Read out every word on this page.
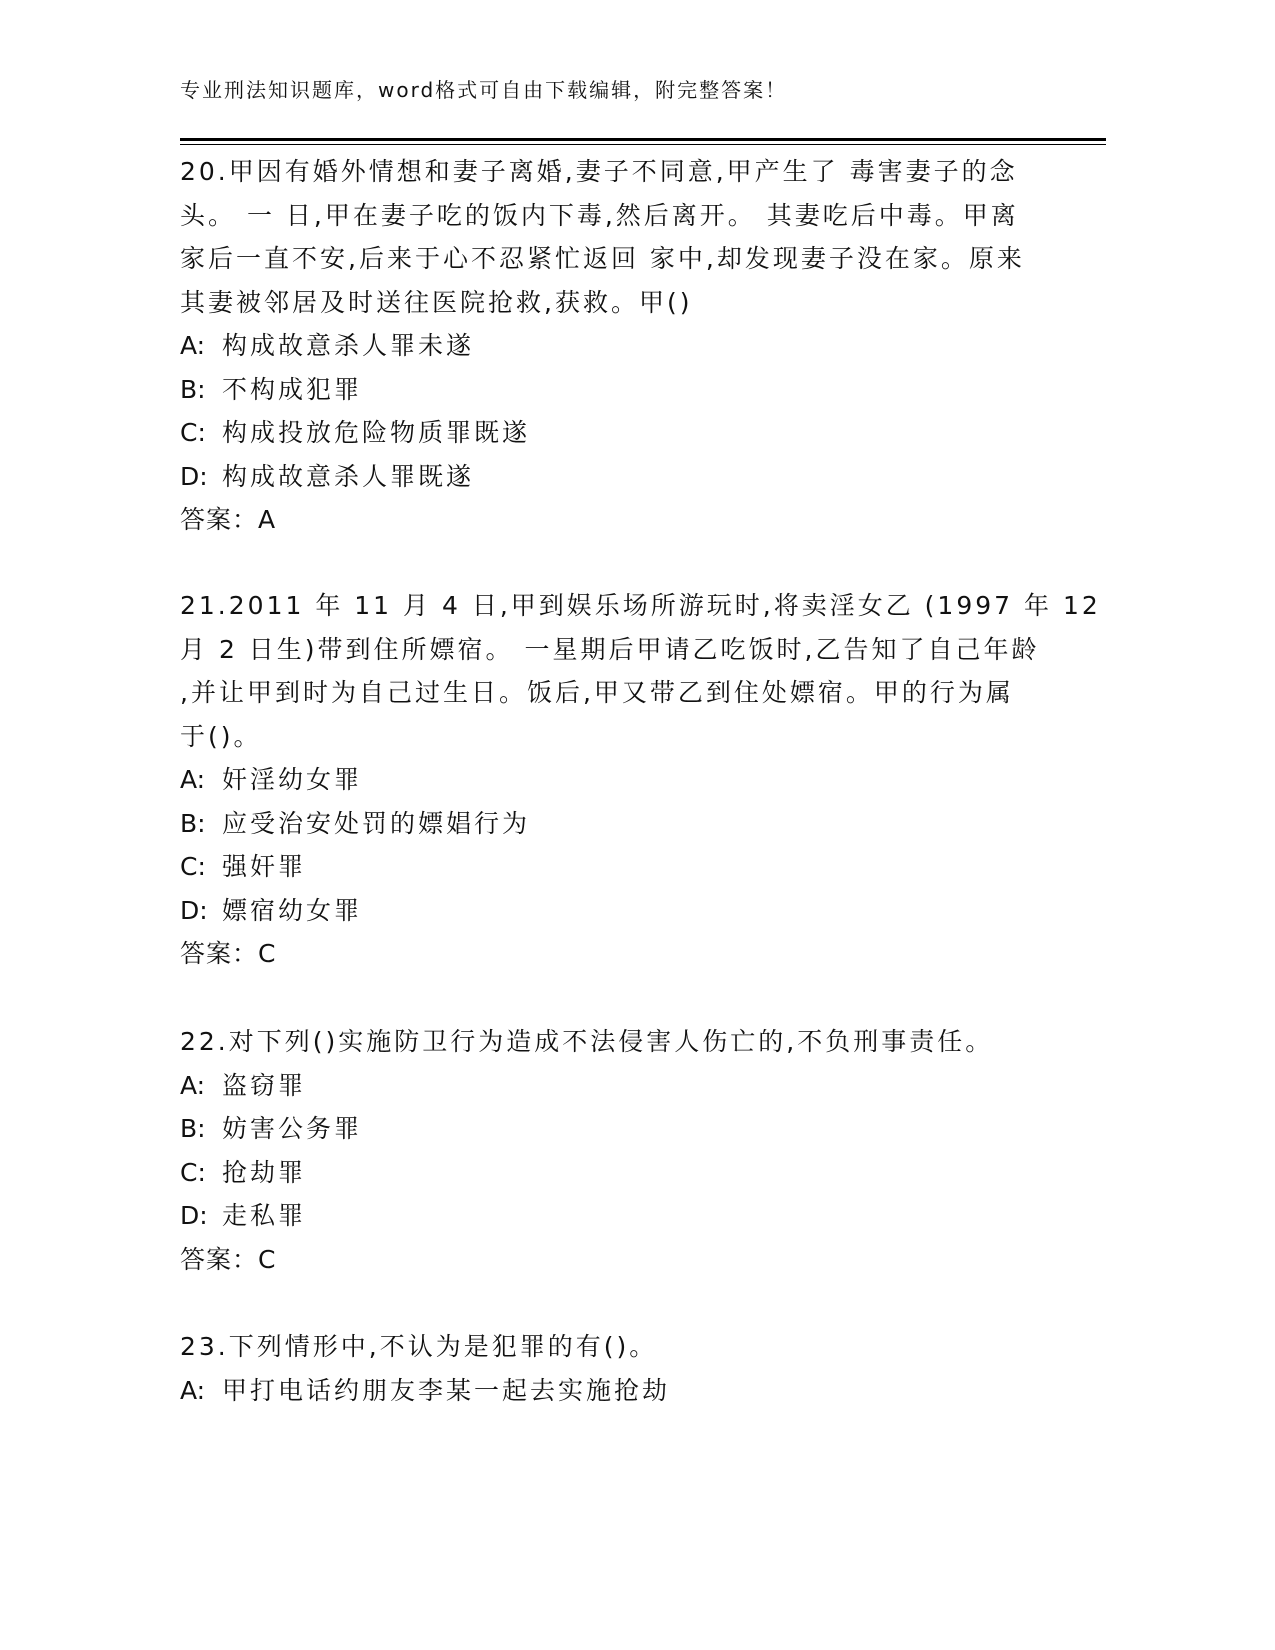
专业刑法知识题库，word格式可自由下载编辑，附完整答案！
20.甲因有婚外情想和妻子离婚,妻子不同意,甲产生了 毒害妻子的念
头。 一 日,甲在妻子吃的饭内下毒,然后离开。 其妻吃后中毒。甲离
家后一直不安,后来于心不忍紧忙返回 家中,却发现妻子没在家。原来
其妻被邻居及时送往医院抢救,获救。甲()
A: 构成故意杀人罪未遂
B: 不构成犯罪
C: 构成投放危险物质罪既遂
D: 构成故意杀人罪既遂
答案：A
21.2011 年 11 月 4 日,甲到娱乐场所游玩时,将卖淫女乙 (1997 年 12
月 2 日生)带到住所嫖宿。 一星期后甲请乙吃饭时,乙告知了自己年龄
,并让甲到时为自己过生日。饭后,甲又带乙到住处嫖宿。甲的行为属
于()。
A: 奸淫幼女罪
B: 应受治安处罚的嫖娼行为
C: 强奸罪
D: 嫖宿幼女罪
答案：C
22.对下列()实施防卫行为造成不法侵害人伤亡的,不负刑事责任。
A: 盗窃罪
B: 妨害公务罪
C: 抢劫罪
D: 走私罪
答案：C
23.下列情形中,不认为是犯罪的有()。
A: 甲打电话约朋友李某一起去实施抢劫
